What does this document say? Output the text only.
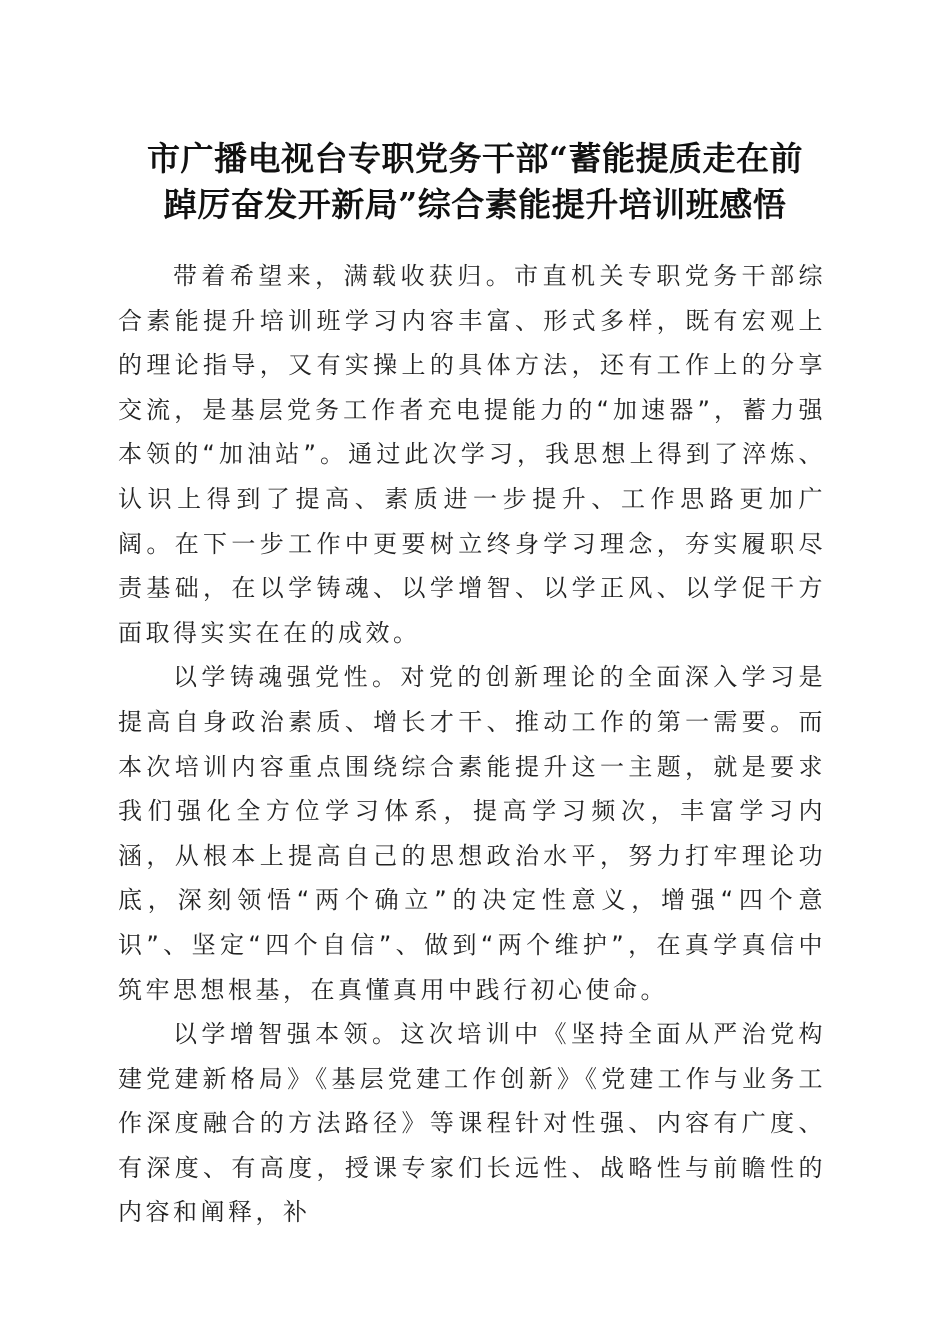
市广播电视台专职党务干部“蓄能提质走在前
踔厉奋发开新局”综合素能提升培训班感悟

带着希望来，满载收获归。市直机关专职党务干部综合素能提升培训班学习内容丰富、形式多样，既有宏观上的理论指导，又有实操上的具体方法，还有工作上的分享交流，是基层党务工作者充电提能力的“加速器”，蓄力强本领的“加油站”。通过此次学习，我思想上得到了淬炼、认识上得到了提高、素质进一步提升、工作思路更加广阔。在下一步工作中更要树立终身学习理念，夯实履职尽责基础，在以学铸魂、以学增智、以学正风、以学促干方面取得实实在在的成效。

以学铸魂强党性。对党的创新理论的全面深入学习是提高自身政治素质、增长才干、推动工作的第一需要。而本次培训内容重点围绕综合素能提升这一主题，就是要求我们强化全方位学习体系，提高学习频次，丰富学习内涵，从根本上提高自己的思想政治水平，努力打牢理论功底，深刻领悟“两个确立”的决定性意义，增强“四个意识”、坚定“四个自信”、做到“两个维护”，在真学真信中筑牢思想根基，在真懂真用中践行初心使命。

以学增智强本领。这次培训中《坚持全面从严治党构建党建新格局》《基层党建工作创新》《党建工作与业务工作深度融合的方法路径》等课程针对性强、内容有广度、有深度、有高度，授课专家们长远性、战略性与前瞻性的内容和阐释，补
